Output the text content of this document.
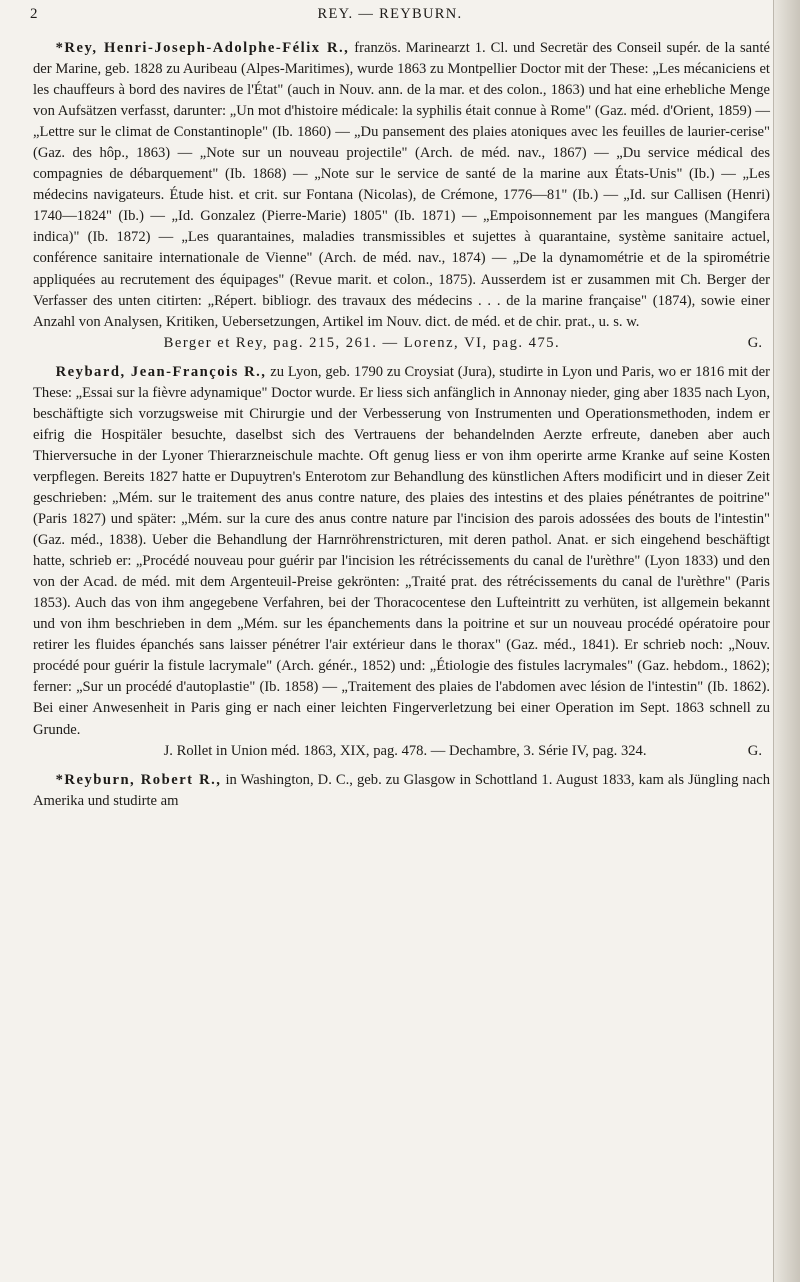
2	REY. — REYBURN.

*Rey, Henri-Joseph-Adolphe-Félix R., französ. Marinearzt 1. Cl. und Secretär des Conseil supér. de la santé der Marine, geb. 1828 zu Auribeau (Alpes-Maritimes), wurde 1863 zu Montpellier Doctor mit der These: „Les mécaniciens et les chauffeurs à bord des navires de l'État" (auch in Nouv. ann. de la mar. et des colon., 1863) und hat eine erhebliche Menge von Aufsätzen verfasst, darunter: „Un mot d'histoire médicale: la syphilis était connue à Rome" (Gaz. méd. d'Orient, 1859) — „Lettre sur le climat de Constantinople" (Ib. 1860) — „Du pansement des plaies atoniques avec les feuilles de laurier-cerise" (Gaz. des hôp., 1863) — „Note sur un nouveau projectile" (Arch. de méd. nav., 1867) — „Du service médical des compagnies de débarquement" (Ib. 1868) — „Note sur le service de santé de la marine aux États-Unis" (Ib.) — „Les médecins navigateurs. Étude hist. et crit. sur Fontana (Nicolas), de Crémone, 1776—81" (Ib.) — „Id. sur Callisen (Henri) 1740—1824" (Ib.) — „Id. Gonzalez (Pierre-Marie) 1805" (Ib. 1871) — „Empoisonnement par les mangues (Mangifera indica)" (Ib. 1872) — „Les quarantaines, maladies transmissibles et sujettes à quarantaine, système sanitaire actuel, conférence sanitaire internationale de Vienne" (Arch. de méd. nav., 1874) — „De la dynamométrie et de la spirométrie appliquées au recrutement des équipages" (Revue marit. et colon., 1875). Ausserdem ist er zusammen mit Ch. Berger der Verfasser des unten citirten: „Répert. bibliogr. des travaux des médecins . . . de la marine française" (1874), sowie einer Anzahl von Analysen, Kritiken, Uebersetzungen, Artikel im Nouv. dict. de méd. et de chir. prat., u. s. w.

Berger et Rey, pag. 215, 261. — Lorenz, VI, pag. 475.	G.

Reybard, Jean-François R., zu Lyon, geb. 1790 zu Croysiat (Jura), studirte in Lyon und Paris, wo er 1816 mit der These: „Essai sur la fièvre adynamique" Doctor wurde. Er liess sich anfänglich in Annonay nieder, ging aber 1835 nach Lyon, beschäftigte sich vorzugsweise mit Chirurgie und der Verbesserung von Instrumenten und Operationsmethoden, indem er eifrig die Hospitäler besuchte, daselbst sich des Vertrauens der behandelnden Aerzte erfreute, daneben aber auch Thierversuche in der Lyoner Thierarzneischule machte. Oft genug liess er von ihm operirte arme Kranke auf seine Kosten verpflegen. Bereits 1827 hatte er Dupuytren's Enterotom zur Behandlung des künstlichen Afters modificirt und in dieser Zeit geschrieben: „Mém. sur le traitement des anus contre nature, des plaies des intestins et des plaies pénétrantes de poitrine" (Paris 1827) und später: „Mém. sur la cure des anus contre nature par l'incision des parois adossées des bouts de l'intestin" (Gaz. méd., 1838). Ueber die Behandlung der Harnröhrenstricturen, mit deren pathol. Anat. er sich eingehend beschäftigt hatte, schrieb er: „Procédé nouveau pour guérir par l'incision les rétrécissements du canal de l'urèthre" (Lyon 1833) und den von der Acad. de méd. mit dem Argenteuil-Preise gekrönten: „Traité prat. des rétrécissements du canal de l'urèthre" (Paris 1853). Auch das von ihm angegebene Verfahren, bei der Thoracocentese den Lufteintritt zu verhüten, ist allgemein bekannt und von ihm beschrieben in dem „Mém. sur les épanchements dans la poitrine et sur un nouveau procédé opératoire pour retirer les fluides épanchés sans laisser pénétrer l'air extérieur dans le thorax" (Gaz. méd., 1841). Er schrieb noch: „Nouv. procédé pour guérir la fistule lacrymale" (Arch. génér., 1852) und: „Étiologie des fistules lacrymales" (Gaz. hebdom., 1862); ferner: „Sur un procédé d'autoplastie" (Ib. 1858) — „Traitement des plaies de l'abdomen avec lésion de l'intestin" (Ib. 1862). Bei einer Anwesenheit in Paris ging er nach einer leichten Fingerverletzung bei einer Operation im Sept. 1863 schnell zu Grunde.

J. Rollet in Union méd. 1863, XIX, pag. 478. — Dechambre, 3. Série IV, pag. 324.	G.

*Reyburn, Robert R., in Washington, D. C., geb. zu Glasgow in Schottland 1. August 1833, kam als Jüngling nach Amerika und studirte am
